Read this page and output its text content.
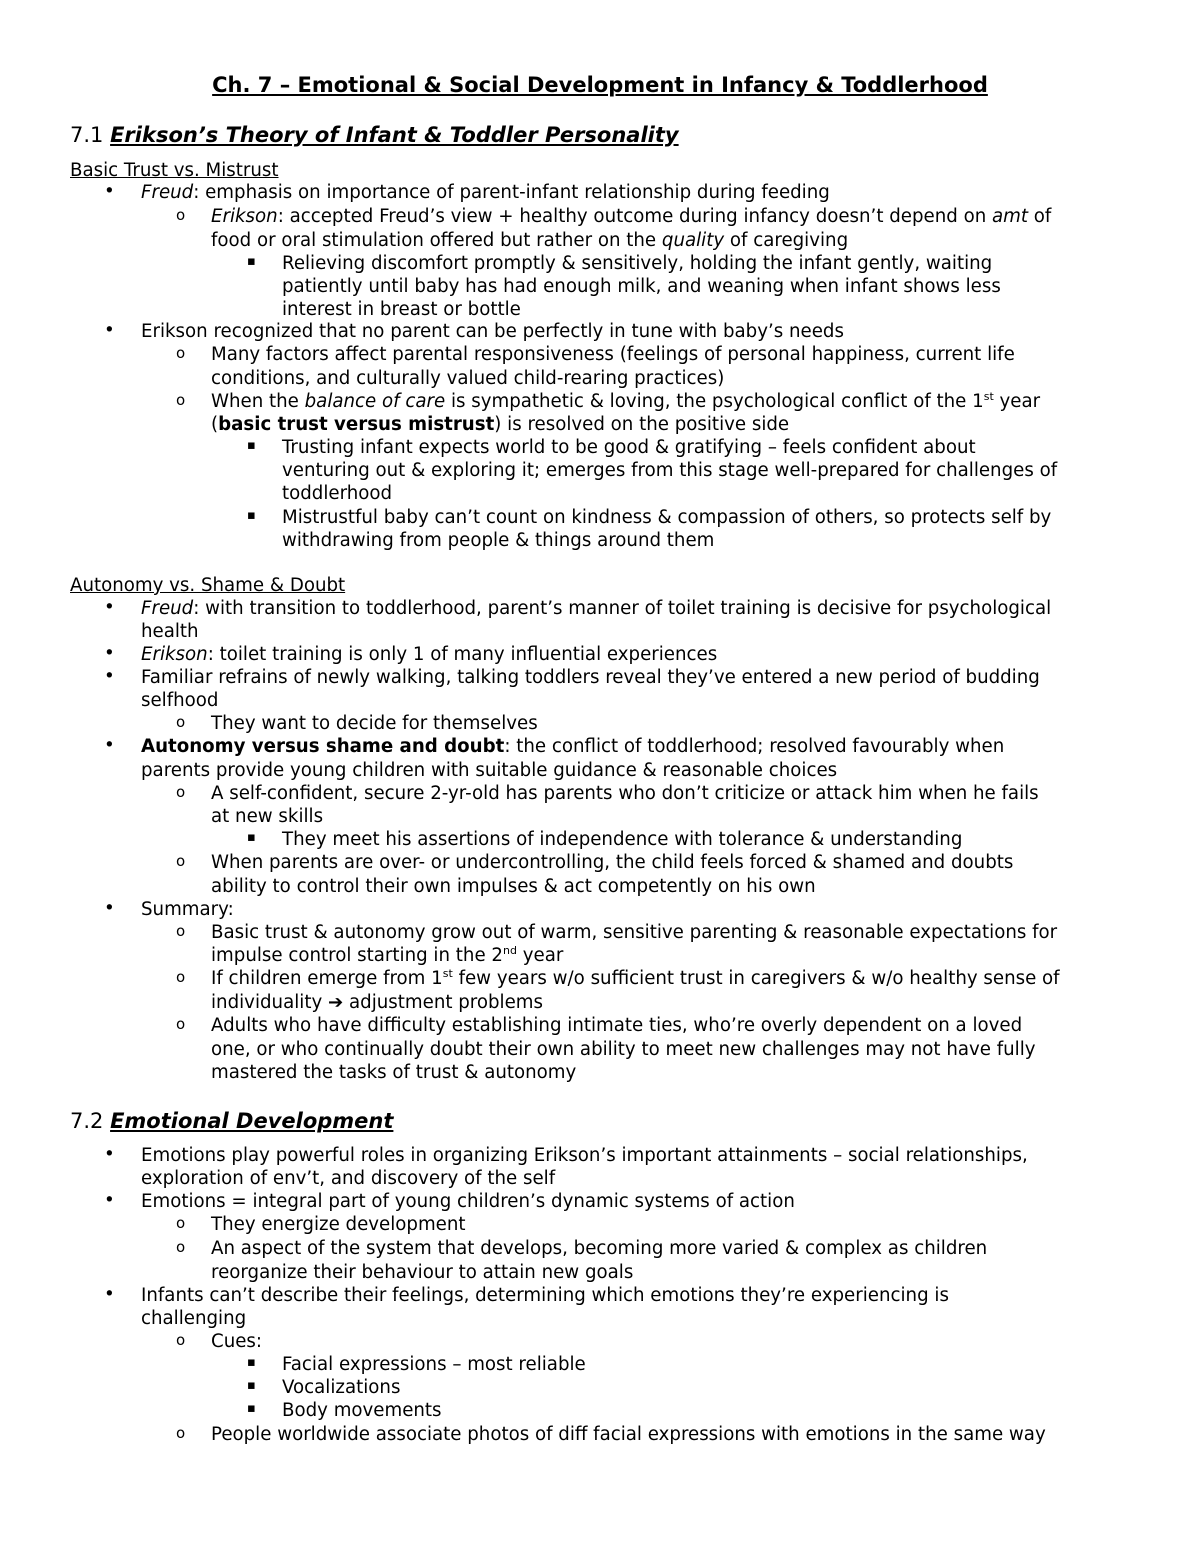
Ch. 7 – Emotional & Social Development in Infancy & Toddlerhood
7.1 Erikson’s Theory of Infant & Toddler Personality
Basic Trust vs. Mistrust
• Freud: emphasis on importance of parent-infant relationship during feeding
o Erikson: accepted Freud’s view + healthy outcome during infancy doesn’t depend on amt of
food or oral stimulation offered but rather on the quality of caregiving
▪ Relieving discomfort promptly & sensitively, holding the infant gently, waiting
patiently until baby has had enough milk, and weaning when infant shows less
interest in breast or bottle
• Erikson recognized that no parent can be perfectly in tune with baby’s needs
o Many factors affect parental responsiveness (feelings of personal happiness, current life
conditions, and culturally valued child-rearing practices)
o When the balance of care is sympathetic & loving, the psychological conflict of the 1st year
(basic trust versus mistrust) is resolved on the positive side
▪ Trusting infant expects world to be good & gratifying – feels confident about
venturing out & exploring it; emerges from this stage well-prepared for challenges of
toddlerhood
▪ Mistrustful baby can’t count on kindness & compassion of others, so protects self by
withdrawing from people & things around them
Autonomy vs. Shame & Doubt
• Freud: with transition to toddlerhood, parent’s manner of toilet training is decisive for psychological
health
• Erikson: toilet training is only 1 of many influential experiences
• Familiar refrains of newly walking, talking toddlers reveal they’ve entered a new period of budding
selfhood
o They want to decide for themselves
• Autonomy versus shame and doubt: the conflict of toddlerhood; resolved favourably when
parents provide young children with suitable guidance & reasonable choices
o A self-confident, secure 2-yr-old has parents who don’t criticize or attack him when he fails
at new skills
▪ They meet his assertions of independence with tolerance & understanding
o When parents are over- or undercontrolling, the child feels forced & shamed and doubts
ability to control their own impulses & act competently on his own
• Summary:
o Basic trust & autonomy grow out of warm, sensitive parenting & reasonable expectations for
impulse control starting in the 2nd year
o If children emerge from 1st few years w/o sufficient trust in caregivers & w/o healthy sense of
individuality ➔ adjustment problems
o Adults who have difficulty establishing intimate ties, who’re overly dependent on a loved
one, or who continually doubt their own ability to meet new challenges may not have fully
mastered the tasks of trust & autonomy
7.2 Emotional Development
• Emotions play powerful roles in organizing Erikson’s important attainments – social relationships,
exploration of env’t, and discovery of the self
• Emotions = integral part of young children’s dynamic systems of action
o They energize development
o An aspect of the system that develops, becoming more varied & complex as children
reorganize their behaviour to attain new goals
• Infants can’t describe their feelings, determining which emotions they’re experiencing is
challenging
o Cues:
▪ Facial expressions – most reliable
▪ Vocalizations
▪ Body movements
o People worldwide associate photos of diff facial expressions with emotions in the same way
